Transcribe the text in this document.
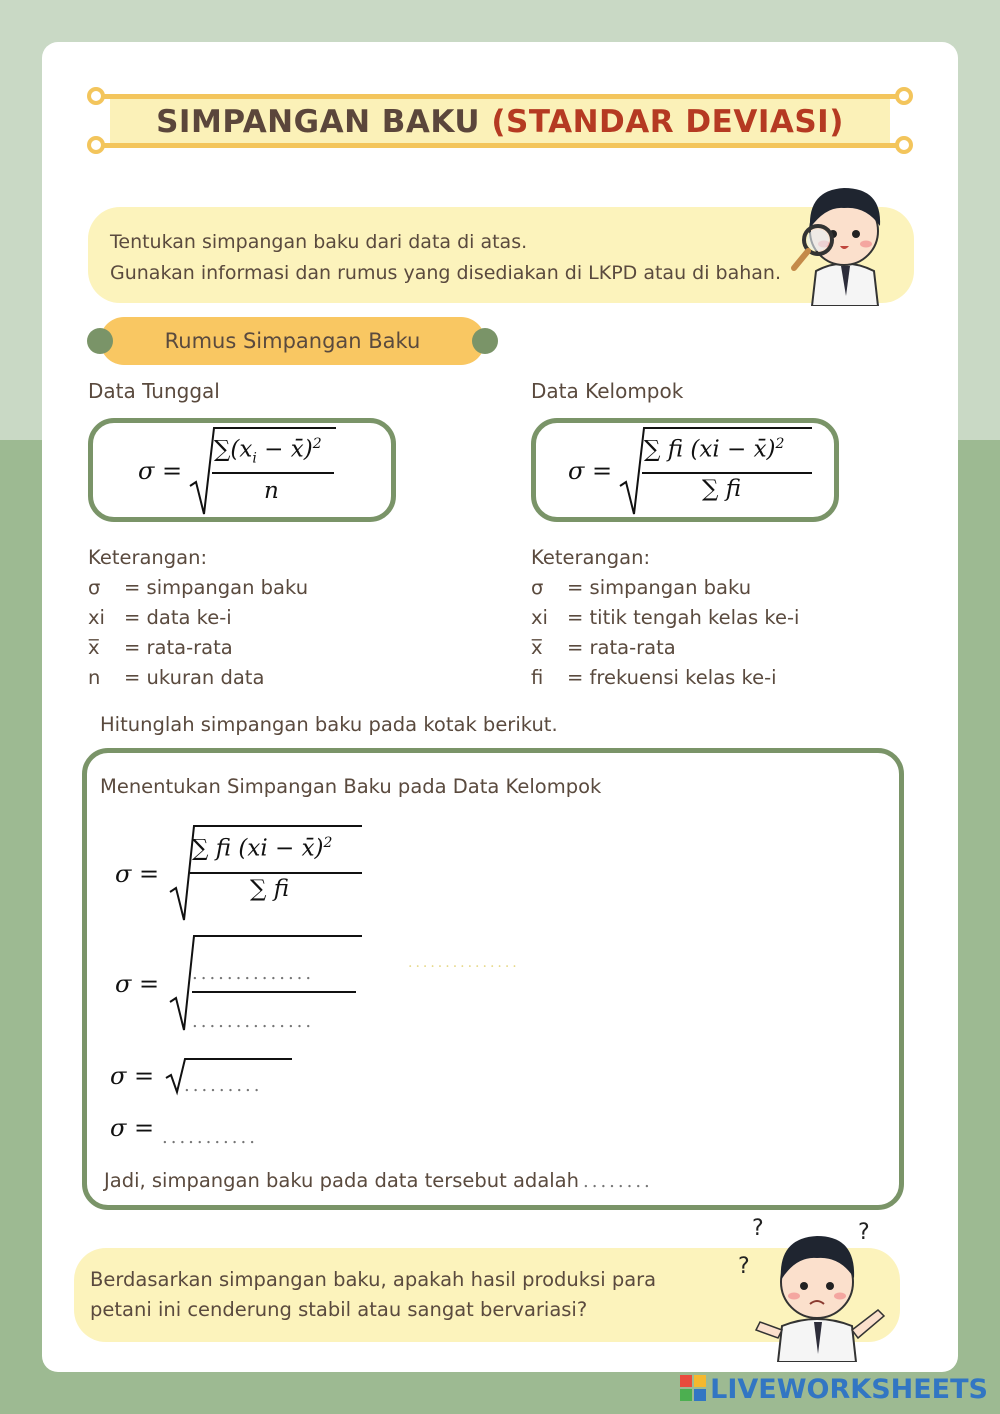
SIMPANGAN BAKU (STANDAR DEVIASI)
Tentukan simpangan baku dari data di atas.
Gunakan informasi dan rumus yang disediakan di LKPD atau di bahan.
Rumus Simpangan Baku
Data Tunggal	Data Kelompok
σ =
$\sum(x_i$ − x̄)$^2$
n
σ =
∑ fi (xi − x̄)$^2$
∑ fi
Keterangan:
σ = simpangan baku
xi = data ke-i
x̅ = rata-rata
n = ukuran data
Keterangan:
σ = simpangan baku
xi = titik tengah kelas ke-i
x̅ = rata-rata
fi = frekuensi kelas ke-i
Hitunglah simpangan baku pada kotak berikut.
Menentukan Simpangan Baku pada Data Kelompok
σ =
∑ fi (xi − x̄)$^2$
∑ fi
σ =
..............
..............
...............
σ =
.........
σ =
...........
Jadi, simpangan baku pada data tersebut adalah
........
Berdasarkan simpangan baku, apakah hasil produksi para
petani ini cenderung stabil atau sangat bervariasi?
?	?
?
LIVEWORKSHEETS
